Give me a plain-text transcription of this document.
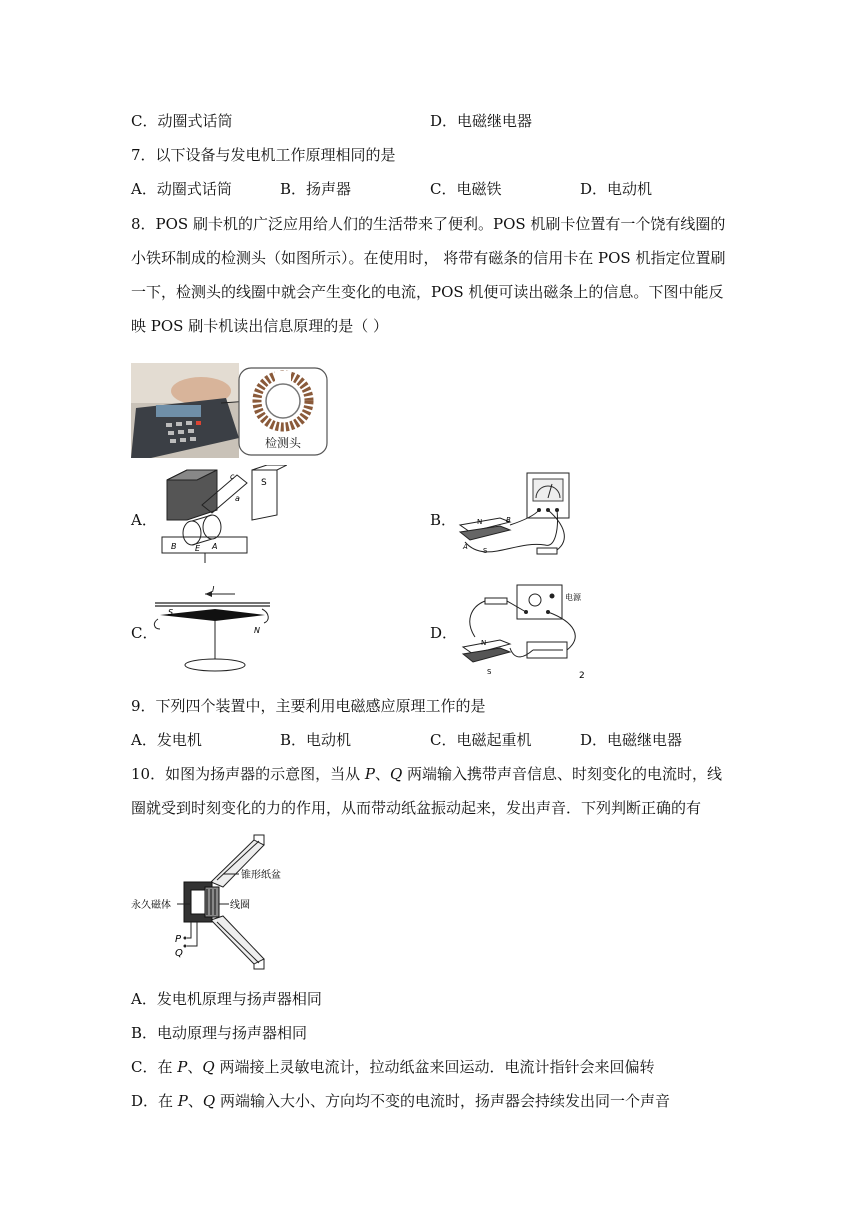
C．动圈式话筒	D．电磁继电器
7．以下设备与发电机工作原理相同的是
A．动圈式话筒	B．扬声器	C．电磁铁	D．电动机
8．POS 刷卡机的广泛应用给人们的生活带来了便利。POS 机刷卡位置有一个饶有线圈的
小铁环制成的检测头（如图所示）。在使用时， 将带有磁条的信用卡在 POS 机指定位置刷
一下，检测头的线圈中就会产生变化的电流，POS 机便可读出磁条上的信息。下图中能反
映 POS 刷卡机读出信息原理的是（ ）
检测头
A．
S
c
a
B E A
B．	N	B
A S
C．
I
S
N	D．
电源
N
S	2
9．下列四个装置中，主要利用电磁感应原理工作的是
A．发电机	B．电动机	C．电磁起重机	D．电磁继电器
10．如图为扬声器的示意图，当从 P、Q 两端输入携带声音信息、时刻变化的电流时，线
圈就受到时刻变化的力的作用，从而带动纸盆振动起来，发出声音．下列判断正确的有
锥形纸盆
线圈
永久磁体
P
Q
A．发电机原理与扬声器相同
B．电动原理与扬声器相同
C．在 P、Q 两端接上灵敏电流计，拉动纸盆来回运动．电流计指针会来回偏转
D．在 P、Q 两端输入大小、方向均不变的电流时，扬声器会持续发出同一个声音
